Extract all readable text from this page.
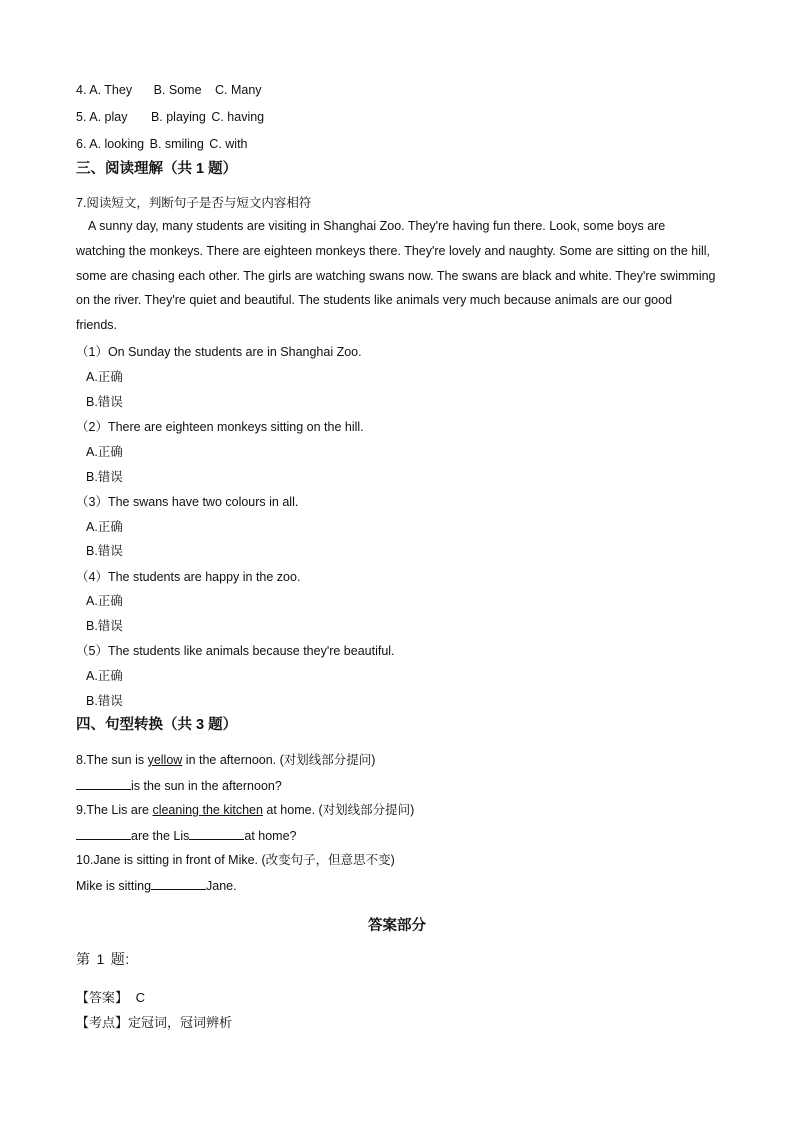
4. A. They B. Some C. Many
5. A. play B. playing C. having
6. A. looking B. smiling C. with
三、阅读理解（共 1 题）
7.阅读短文，判断句子是否与短文内容相符
A sunny day, many students are visiting in Shanghai Zoo. They're having fun there. Look, some boys are watching the monkeys. There are eighteen monkeys there. They're lovely and naughty. Some are sitting on the hill, some are chasing each other. The girls are watching swans now. The swans are black and white. They're swimming on the river. They're quiet and beautiful. The students like animals very much because animals are our good friends.
（1）On Sunday the students are in Shanghai Zoo.
A.正确
B.错误
（2）There are eighteen monkeys sitting on the hill.
A.正确
B.错误
（3）The swans have two colours in all.
A.正确
B.错误
（4）The students are happy in the zoo.
A.正确
B.错误
（5）The students like animals because they're beautiful.
A.正确
B.错误
四、句型转换（共 3 题）
8.The sun is yellow in the afternoon. (对划线部分提问)
is the sun in the afternoon?
9.The Lis are cleaning the kitchen at home. (对划线部分提问)
are the Lis	at home?
10.Jane is sitting in front of Mike. (改变句子，但意思不变)
Mike is sitting	Jane.
答案部分
第 1 题:
【答案】 C
【考点】定冠词，冠词辨析
